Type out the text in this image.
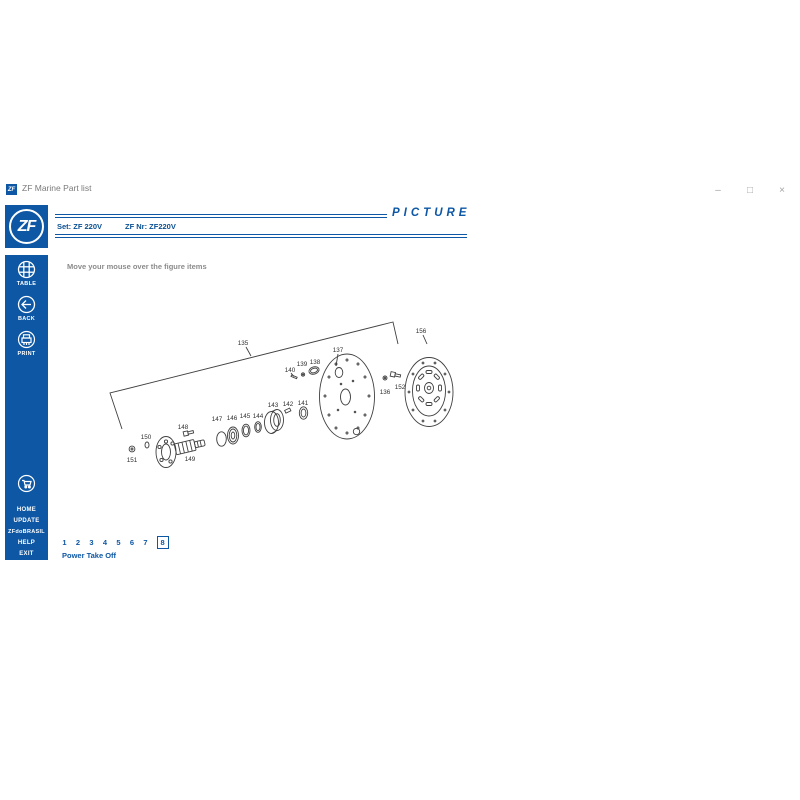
ZF ZF Marine Part list	–	□	×
ZF
PICTURE
Set: ZF 220V	ZF Nr: ZF220V
Move your mouse over the figure items
TABLE
BACK
PRINT
HOME
UPDATE
ZFdoBRASIL
HELP
EXIT
135
137
156
138
139
140
136
152
141
142
143
144
145
146
147
148
149
150
151
1 2 3 4 5 6 7	8
Power Take Off
